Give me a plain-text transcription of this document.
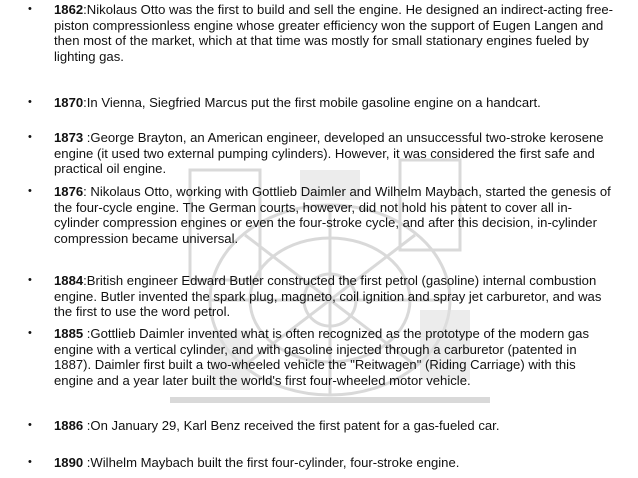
•	1862:Nikolaus Otto was the first to build and sell the engine. He designed an indirect-acting free-piston compressionless engine whose greater efficiency won the support of Eugen Langen and then most of the market, which at that time was mostly for small stationary engines fueled by lighting gas.
•	1870:In Vienna, Siegfried Marcus put the first mobile gasoline engine on a handcart.
•	1873 :George Brayton, an American engineer, developed an unsuccessful two-stroke kerosene engine (it used two external pumping cylinders). However, it was considered the first safe and practical oil engine.
•	1876: Nikolaus Otto, working with Gottlieb Daimler and Wilhelm Maybach, started the genesis of the four-cycle engine. The German courts, however, did not hold his patent to cover all in-cylinder compression engines or even the four-stroke cycle, and after this decision, in-cylinder compression became universal.
•	1884:British engineer Edward Butler constructed the first petrol (gasoline) internal combustion engine. Butler invented the spark plug, magneto, coil ignition and spray jet carburetor, and was the first to use the word petrol.
•	1885 :Gottlieb Daimler invented what is often recognized as the prototype of the modern gas engine with a vertical cylinder, and with gasoline injected through a carburetor (patented in 1887). Daimler first built a two-wheeled vehicle the "Reitwagen" (Riding Carriage) with this engine and a year later built the world's first four-wheeled motor vehicle.
•	1886 :On January 29, Karl Benz received the first patent for a gas-fueled car.
•	1890 :Wilhelm Maybach built the first four-cylinder, four-stroke engine.
